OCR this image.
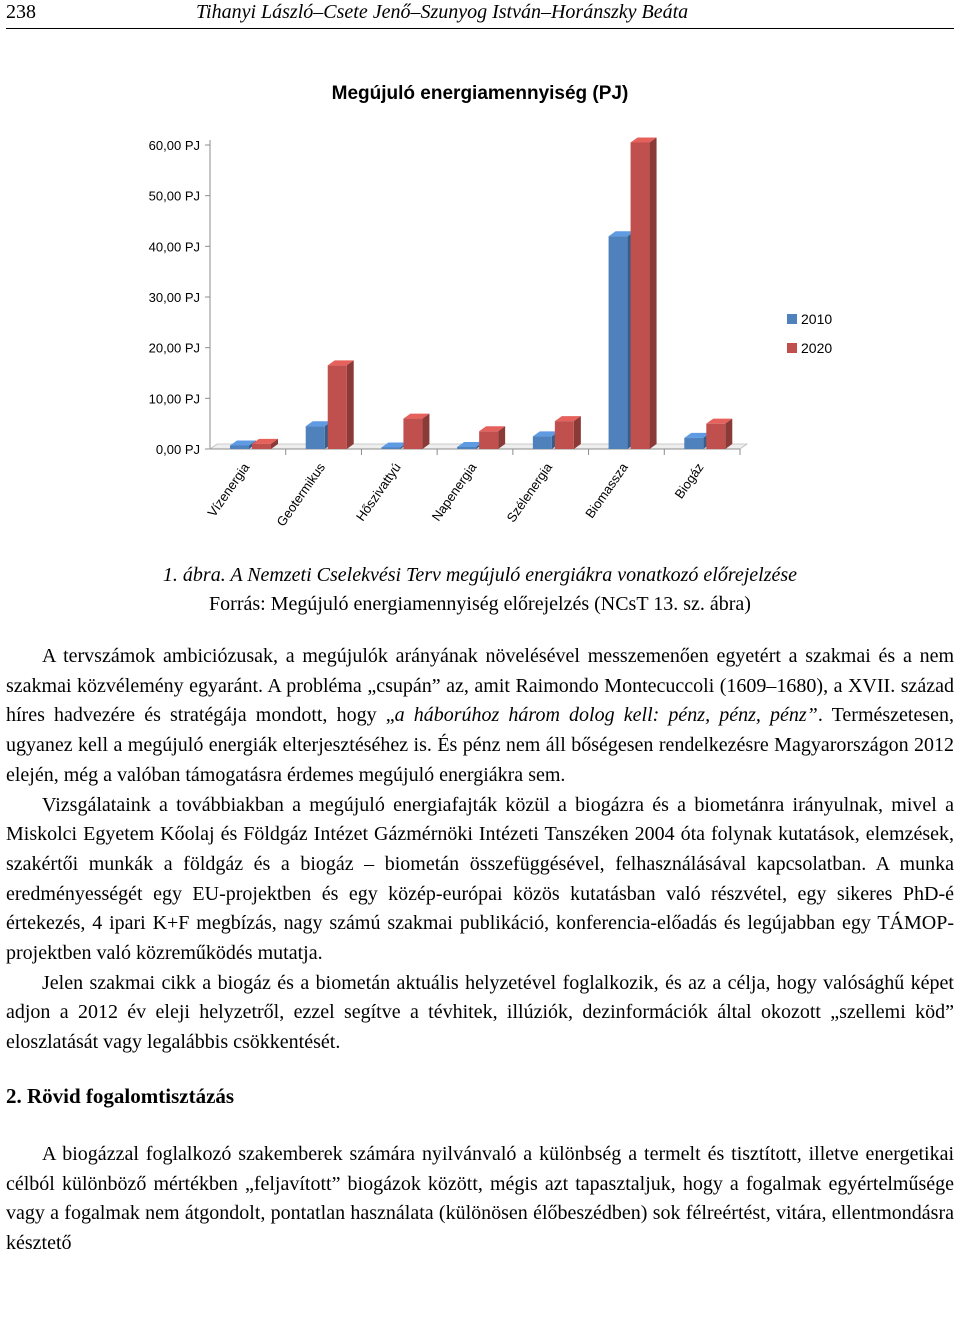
238	Tihanyi László–Csete Jenő–Szunyog István–Horánszky Beáta
Megújuló energiamennyiség (PJ)
0,00 PJ
10,00 PJ
20,00 PJ
30,00 PJ
40,00 PJ
50,00 PJ
60,00 PJ
Vízenergia Geotermikus Hőszivattyú Napenergia Szélenergia Biomassza	Biogáz
2010
2020
1. ábra. A Nemzeti Cselekvési Terv megújuló energiákra vonatkozó előrejelzése
Forrás: Megújuló energiamennyiség előrejelzés (NCsT 13. sz. ábra)

A tervszámok ambiciózusak, a megújulók arányának növelésével messzemenően egyetért a szakmai és a nem szakmai közvélemény egyaránt. A probléma „csupán” az, amit Raimondo Montecuccoli (1609–1680), a XVII. század híres hadvezére és stratégája mondott, hogy „a háborúhoz három dolog kell: pénz, pénz, pénz”. Természetesen, ugyanez kell a megújuló energiák elterjesztéséhez is. És pénz nem áll bőségesen rendelkezésre Magyarországon 2012 elején, még a valóban támogatásra érdemes megújuló energiákra sem.

Vizsgálataink a továbbiakban a megújuló energiafajták közül a biogázra és a biometánra irányulnak, mivel a Miskolci Egyetem Kőolaj és Földgáz Intézet Gázmérnöki Intézeti Tanszéken 2004 óta folynak kutatások, elemzések, szakértői munkák a földgáz és a biogáz – biometán összefüggésével, felhasználásával kapcsolatban. A munka eredményességét egy EU-projektben és egy közép-európai közös kutatásban való részvétel, egy sikeres PhD-é értekezés, 4 ipari K+F megbízás, nagy számú szakmai publikáció, konferencia-előadás és legújabban egy TÁMOP-projektben való közreműködés mutatja.

Jelen szakmai cikk a biogáz és a biometán aktuális helyzetével foglalkozik, és az a célja, hogy valósághű képet adjon a 2012 év eleji helyzetről, ezzel segítve a tévhitek, illúziók, dezinformációk által okozott „szellemi köd” eloszlatását vagy legalábbis csökkentését.

2. Rövid fogalomtisztázás

A biogázzal foglalkozó szakemberek számára nyilvánvaló a különbség a termelt és tisztított, illetve energetikai célból különböző mértékben „feljavított” biogázok között, mégis azt tapasztaljuk, hogy a fogalmak egyértelműsége vagy a fogalmak nem átgondolt, pontatlan használata (különösen élőbeszédben) sok félreértést, vitára, ellentmondásra késztető
